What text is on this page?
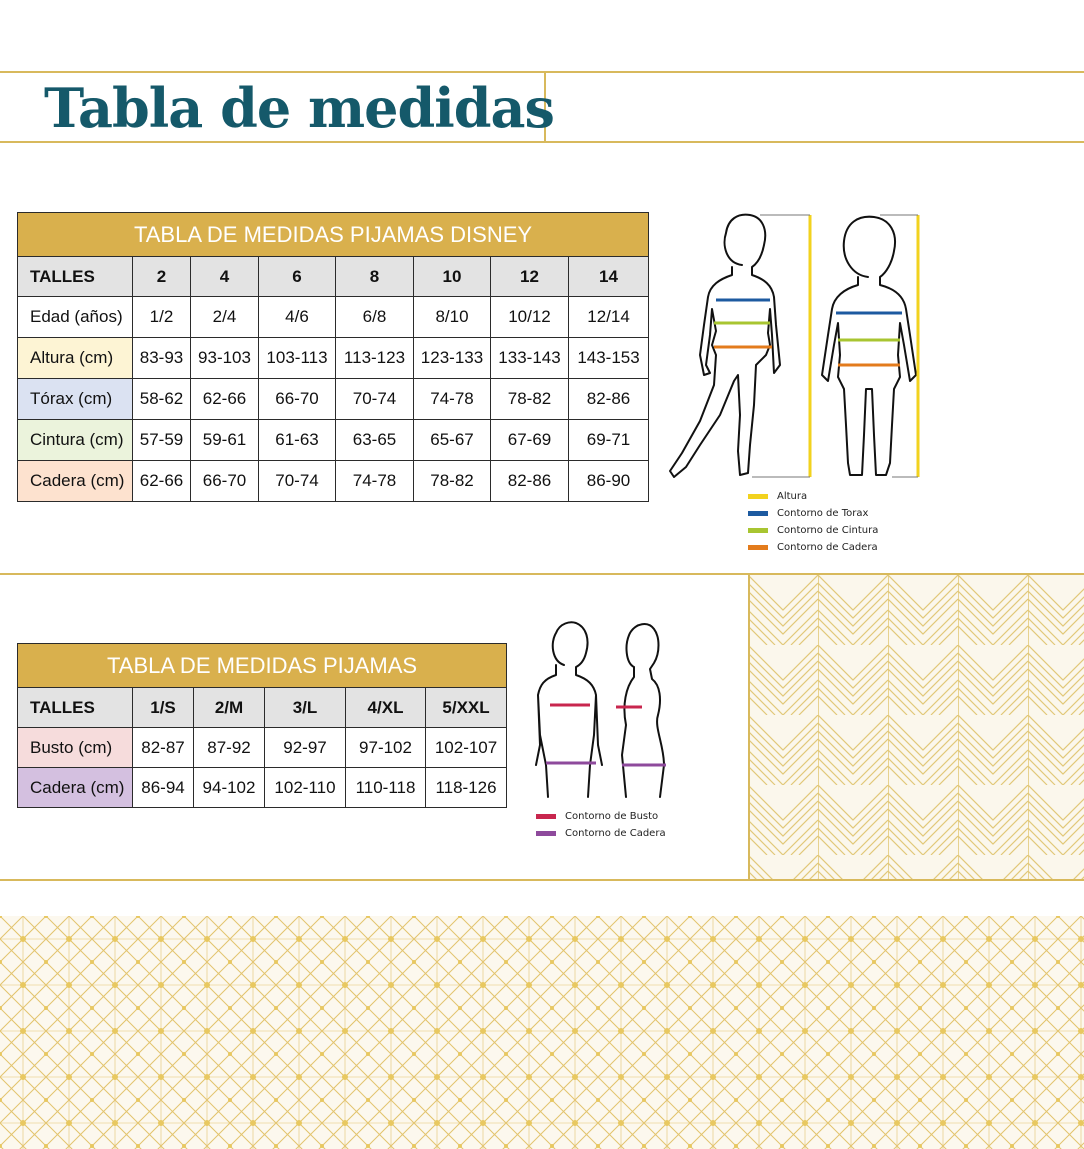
Tabla de medidas
TABLA DE MEDIDAS PIJAMAS DISNEY							
TALLES	2	4	6	8	10	12	14
Edad (años)	1/2	2/4	4/6	6/8	8/10	10/12	12/14
Altura (cm)	83-93	93-103	103-113	113-123	123-133	133-143	143-153
Tórax (cm)	58-62	62-66	66-70	70-74	74-78	78-82	82-86
Cintura (cm)	57-59	59-61	61-63	63-65	65-67	67-69	69-71
Cadera (cm)	62-66	66-70	70-74	74-78	78-82	82-86	86-90
Altura
Contorno de Torax
Contorno de Cintura
Contorno de Cadera
TABLA DE MEDIDAS PIJAMAS					
TALLES	1/S	2/M	3/L	4/XL	5/XXL
Busto (cm)	82-87	87-92	92-97	97-102	102-107
Cadera (cm)	86-94	94-102	102-110	110-118	118-126
Contorno de Busto
Contorno de Cadera
